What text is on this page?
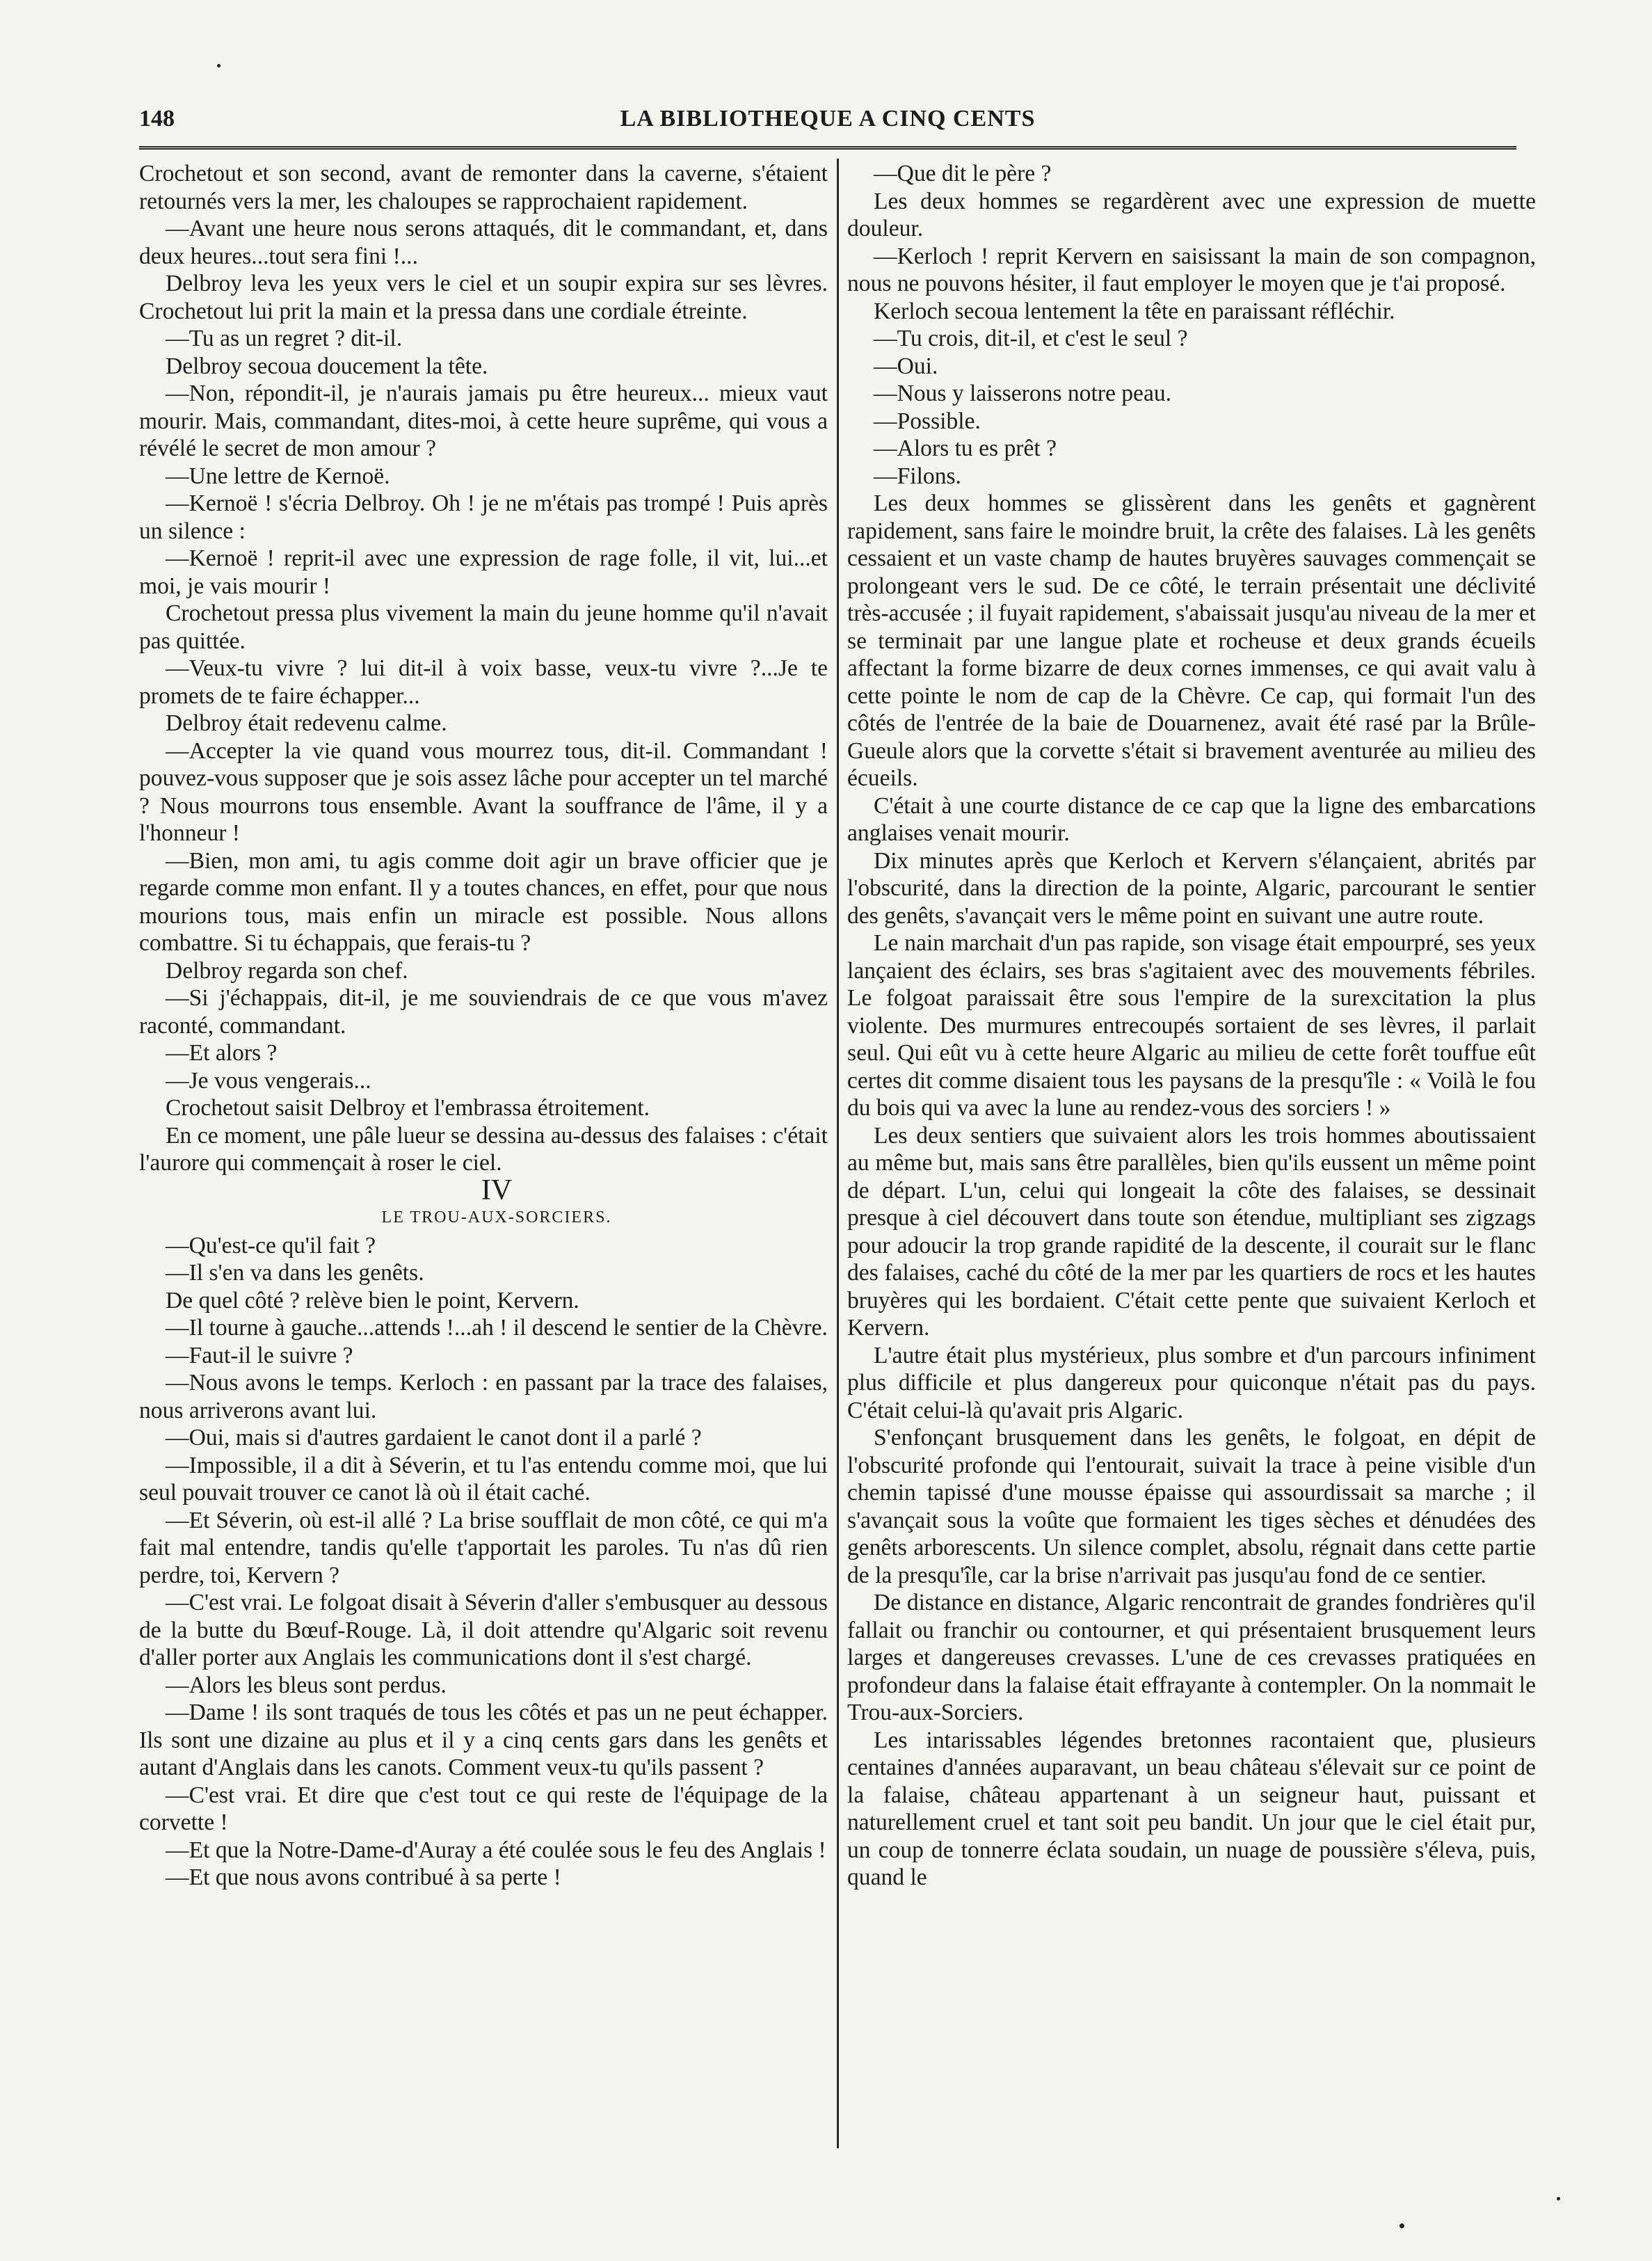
148	LA BIBLIOTHEQUE A CINQ CENTS

Crochetout et son second, avant de remonter dans la caverne, s'étaient retournés vers la mer, les chaloupes se rapprochaient rapidement.

—Avant une heure nous serons attaqués, dit le commandant, et, dans deux heures...tout sera fini !...

Delbroy leva les yeux vers le ciel et un soupir expira sur ses lèvres. Crochetout lui prit la main et la pressa dans une cordiale étreinte.

—Tu as un regret ? dit-il.

Delbroy secoua doucement la tête.

—Non, répondit-il, je n'aurais jamais pu être heureux... mieux vaut mourir. Mais, commandant, dites-moi, à cette heure suprême, qui vous a révélé le secret de mon amour ?

—Une lettre de Kernoë.

—Kernoë ! s'écria Delbroy. Oh ! je ne m'étais pas trompé ! Puis après un silence :

—Kernoë ! reprit-il avec une expression de rage folle, il vit, lui...et moi, je vais mourir !

Crochetout pressa plus vivement la main du jeune homme qu'il n'avait pas quittée.

—Veux-tu vivre ? lui dit-il à voix basse, veux-tu vivre ?...Je te promets de te faire échapper...

Delbroy était redevenu calme.

—Accepter la vie quand vous mourrez tous, dit-il. Commandant ! pouvez-vous supposer que je sois assez lâche pour accepter un tel marché ? Nous mourrons tous ensemble. Avant la souffrance de l'âme, il y a l'honneur !

—Bien, mon ami, tu agis comme doit agir un brave officier que je regarde comme mon enfant. Il y a toutes chances, en effet, pour que nous mourions tous, mais enfin un miracle est possible. Nous allons combattre. Si tu échappais, que ferais-tu ?

Delbroy regarda son chef.

—Si j'échappais, dit-il, je me souviendrais de ce que vous m'avez raconté, commandant.

—Et alors ?

—Je vous vengerais...

Crochetout saisit Delbroy et l'embrassa étroitement.

En ce moment, une pâle lueur se dessina au-dessus des falaises : c'était l'aurore qui commençait à roser le ciel.

IV

LE TROU-AUX-SORCIERS.

—Qu'est-ce qu'il fait ?

—Il s'en va dans les genêts.

De quel côté ? relève bien le point, Kervern.

—Il tourne à gauche...attends !...ah ! il descend le sentier de la Chèvre.

—Faut-il le suivre ?

—Nous avons le temps. Kerloch : en passant par la trace des falaises, nous arriverons avant lui.

—Oui, mais si d'autres gardaient le canot dont il a parlé ?

—Impossible, il a dit à Séverin, et tu l'as entendu comme moi, que lui seul pouvait trouver ce canot là où il était caché.

—Et Séverin, où est-il allé ? La brise soufflait de mon côté, ce qui m'a fait mal entendre, tandis qu'elle t'apportait les paroles. Tu n'as dû rien perdre, toi, Kervern ?

—C'est vrai. Le folgoat disait à Séverin d'aller s'embusquer au dessous de la butte du Bœuf-Rouge. Là, il doit attendre qu'Algaric soit revenu d'aller porter aux Anglais les communications dont il s'est chargé.

—Alors les bleus sont perdus.

—Dame ! ils sont traqués de tous les côtés et pas un ne peut échapper. Ils sont une dizaine au plus et il y a cinq cents gars dans les genêts et autant d'Anglais dans les canots. Comment veux-tu qu'ils passent ?

—C'est vrai. Et dire que c'est tout ce qui reste de l'équipage de la corvette !

—Et que la Notre-Dame-d'Auray a été coulée sous le feu des Anglais !

—Et que nous avons contribué à sa perte !

—Que dit le père ?

Les deux hommes se regardèrent avec une expression de muette douleur.

—Kerloch ! reprit Kervern en saisissant la main de son compagnon, nous ne pouvons hésiter, il faut employer le moyen que je t'ai proposé.

Kerloch secoua lentement la tête en paraissant réfléchir.

—Tu crois, dit-il, et c'est le seul ?

—Oui.

—Nous y laisserons notre peau.

—Possible.

—Alors tu es prêt ?

—Filons.

Les deux hommes se glissèrent dans les genêts et gagnèrent rapidement, sans faire le moindre bruit, la crête des falaises. Là les genêts cessaient et un vaste champ de hautes bruyères sauvages commençait se prolongeant vers le sud. De ce côté, le terrain présentait une déclivité très-accusée ; il fuyait rapidement, s'abaissait jusqu'au niveau de la mer et se terminait par une langue plate et rocheuse et deux grands écueils affectant la forme bizarre de deux cornes immenses, ce qui avait valu à cette pointe le nom de cap de la Chèvre. Ce cap, qui formait l'un des côtés de l'entrée de la baie de Douarnenez, avait été rasé par la Brûle-Gueule alors que la corvette s'était si bravement aventurée au milieu des écueils.

C'était à une courte distance de ce cap que la ligne des embarcations anglaises venait mourir.

Dix minutes après que Kerloch et Kervern s'élançaient, abrités par l'obscurité, dans la direction de la pointe, Algaric, parcourant le sentier des genêts, s'avançait vers le même point en suivant une autre route.

Le nain marchait d'un pas rapide, son visage était empourpré, ses yeux lançaient des éclairs, ses bras s'agitaient avec des mouvements fébriles. Le folgoat paraissait être sous l'empire de la surexcitation la plus violente. Des murmures entrecoupés sortaient de ses lèvres, il parlait seul. Qui eût vu à cette heure Algaric au milieu de cette forêt touffue eût certes dit comme disaient tous les paysans de la presqu'île : « Voilà le fou du bois qui va avec la lune au rendez-vous des sorciers ! »

Les deux sentiers que suivaient alors les trois hommes aboutissaient au même but, mais sans être parallèles, bien qu'ils eussent un même point de départ. L'un, celui qui longeait la côte des falaises, se dessinait presque à ciel découvert dans toute son étendue, multipliant ses zigzags pour adoucir la trop grande rapidité de la descente, il courait sur le flanc des falaises, caché du côté de la mer par les quartiers de rocs et les hautes bruyères qui les bordaient. C'était cette pente que suivaient Kerloch et Kervern.

L'autre était plus mystérieux, plus sombre et d'un parcours infiniment plus difficile et plus dangereux pour quiconque n'était pas du pays. C'était celui-là qu'avait pris Algaric.

S'enfonçant brusquement dans les genêts, le folgoat, en dépit de l'obscurité profonde qui l'entourait, suivait la trace à peine visible d'un chemin tapissé d'une mousse épaisse qui assourdissait sa marche ; il s'avançait sous la voûte que formaient les tiges sèches et dénudées des genêts arborescents. Un silence complet, absolu, régnait dans cette partie de la presqu'île, car la brise n'arrivait pas jusqu'au fond de ce sentier.

De distance en distance, Algaric rencontrait de grandes fondrières qu'il fallait ou franchir ou contourner, et qui présentaient brusquement leurs larges et dangereuses crevasses. L'une de ces crevasses pratiquées en profondeur dans la falaise était effrayante à contempler. On la nommait le Trou-aux-Sorciers.

Les intarissables légendes bretonnes racontaient que, plusieurs centaines d'années auparavant, un beau château s'élevait sur ce point de la falaise, château appartenant à un seigneur haut, puissant et naturellement cruel et tant soit peu bandit. Un jour que le ciel était pur, un coup de tonnerre éclata soudain, un nuage de poussière s'éleva, puis, quand le
